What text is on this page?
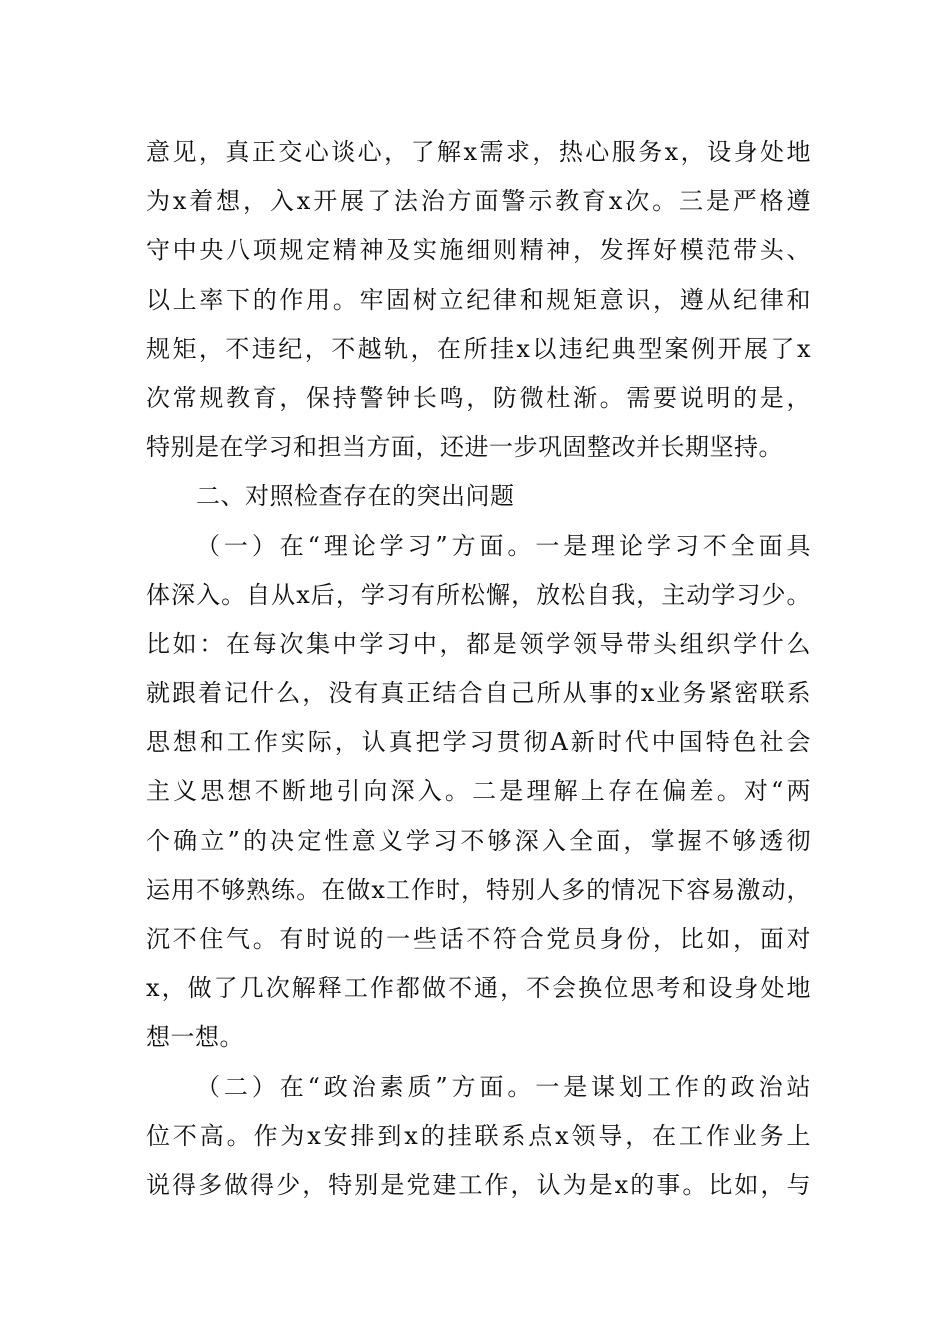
意见，真正交心谈心，了解x需求，热心服务x，设身处地
为x着想，入x开展了法治方面警示教育x次。三是严格遵
守中央八项规定精神及实施细则精神，发挥好模范带头、
以上率下的作用。牢固树立纪律和规矩意识，遵从纪律和
规矩，不违纪，不越轨，在所挂x以违纪典型案例开展了x
次常规教育，保持警钟长鸣，防微杜渐。需要说明的是，
特别是在学习和担当方面，还进一步巩固整改并长期坚持。
二、对照检查存在的突出问题
（一）在“理论学习”方面。一是理论学习不全面具
体深入。自从x后，学习有所松懈，放松自我，主动学习少。
比如：在每次集中学习中，都是领学领导带头组织学什么
就跟着记什么，没有真正结合自己所从事的x业务紧密联系
思想和工作实际，认真把学习贯彻A新时代中国特色社会
主义思想不断地引向深入。二是理解上存在偏差。对“两
个确立”的决定性意义学习不够深入全面，掌握不够透彻
运用不够熟练。在做x工作时，特别人多的情况下容易激动，
沉不住气。有时说的一些话不符合党员身份，比如，面对
x，做了几次解释工作都做不通，不会换位思考和设身处地
想一想。
（二）在“政治素质”方面。一是谋划工作的政治站
位不高。作为x安排到x的挂联系点x领导，在工作业务上
说得多做得少，特别是党建工作，认为是x的事。比如，与
